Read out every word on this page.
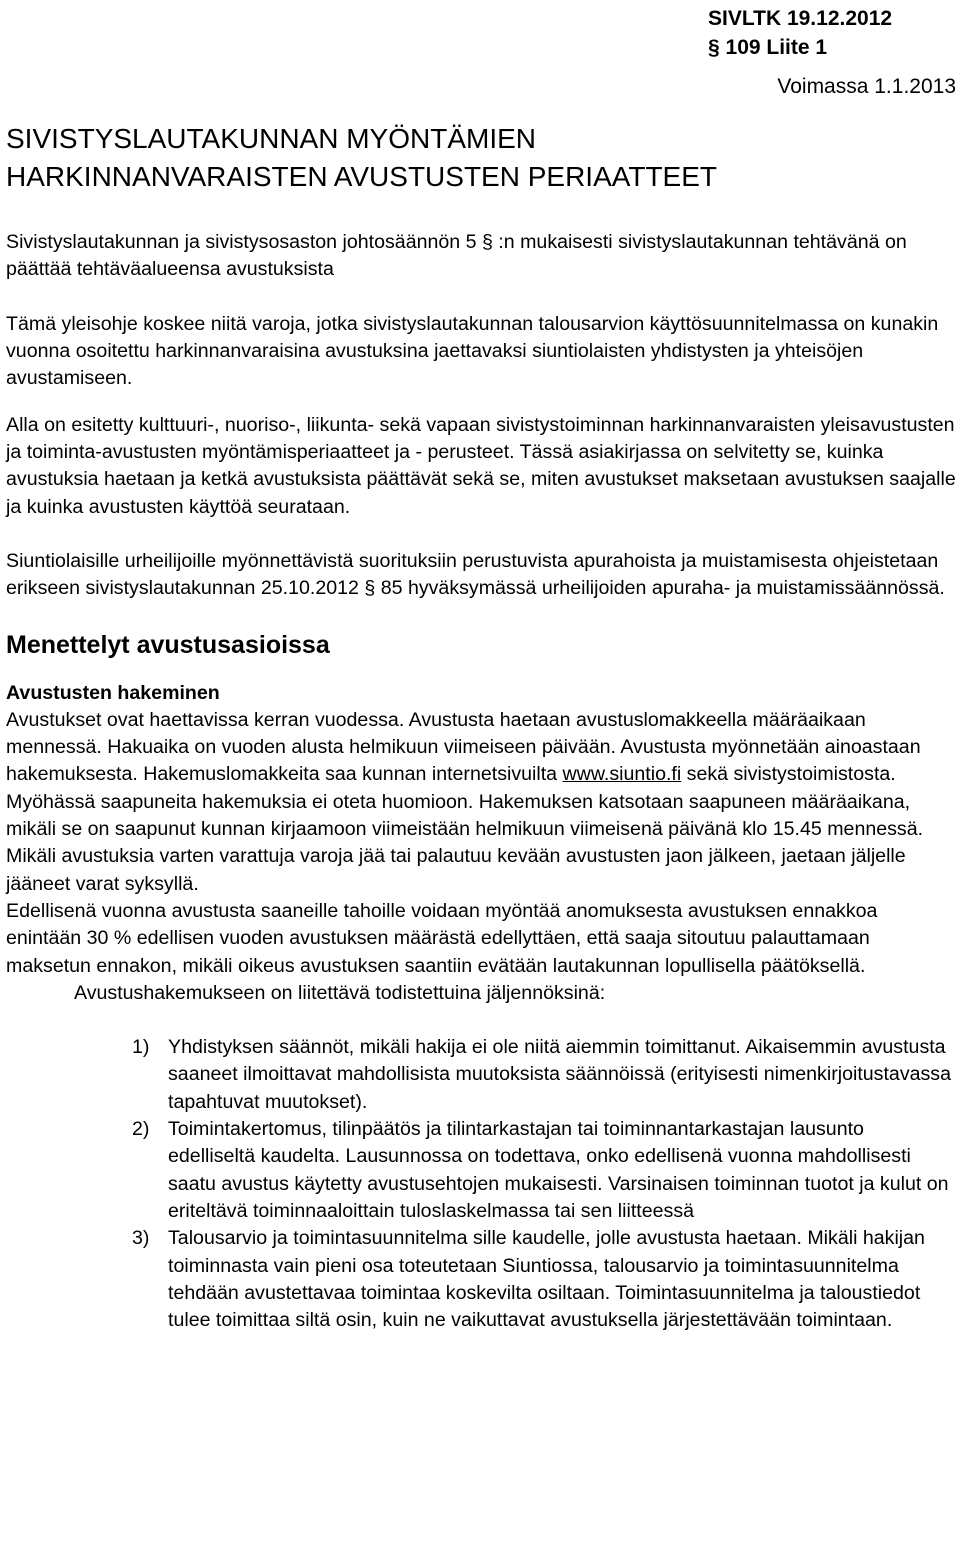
SIVLTK 19.12.2012
§ 109 Liite 1
Voimassa 1.1.2013
SIVISTYSLAUTAKUNNAN MYÖNTÄMIEN
HARKINNANVARAISTEN AVUSTUSTEN PERIAATTEET

Sivistyslautakunnan ja sivistysosaston johtosäännön 5 § :n mukaisesti sivistyslautakunnan tehtävänä on päättää tehtäväalueensa avustuksista

Tämä yleisohje koskee niitä varoja, jotka sivistyslautakunnan talousarvion käyttösuunnitelmassa on kunakin vuonna osoitettu harkinnanvaraisina avustuksina jaettavaksi siuntiolaisten yhdistysten ja yhteisöjen avustamiseen.

Alla on esitetty kulttuuri-, nuoriso-, liikunta- sekä vapaan sivistystoiminnan harkinnanvaraisten yleisavustusten ja toiminta-avustusten myöntämisperiaatteet ja - perusteet. Tässä asiakirjassa on selvitetty se, kuinka avustuksia haetaan ja ketkä avustuksista päättävät sekä se, miten avustukset maksetaan avustuksen saajalle ja kuinka avustusten käyttöä seurataan.

Siuntiolaisille urheilijoille myönnettävistä suorituksiin perustuvista apurahoista ja muistamisesta ohjeistetaan erikseen sivistyslautakunnan 25.10.2012 § 85 hyväksymässä urheilijoiden apuraha- ja muistamissäännössä.

Menettelyt avustusasioissa

Avustusten hakeminen

Avustukset ovat haettavissa kerran vuodessa. Avustusta haetaan avustuslomakkeella määräaikaan mennessä. Hakuaika on vuoden alusta helmikuun viimeiseen päivään. Avustusta myönnetään ainoastaan hakemuksesta. Hakemuslomakkeita saa kunnan internetsivuilta www.siuntio.fi sekä sivistystoimistosta. Myöhässä saapuneita hakemuksia ei oteta huomioon. Hakemuksen katsotaan saapuneen määräaikana, mikäli se on saapunut kunnan kirjaamoon viimeistään helmikuun viimeisenä päivänä klo 15.45 mennessä.

Mikäli avustuksia varten varattuja varoja jää tai palautuu kevään avustusten jaon jälkeen, jaetaan jäljelle jääneet varat syksyllä.

Edellisenä vuonna avustusta saaneille tahoille voidaan myöntää anomuksesta avustuksen ennakkoa enintään 30 % edellisen vuoden avustuksen määrästä edellyttäen, että saaja sitoutuu palauttamaan maksetun ennakon, mikäli oikeus avustuksen saantiin evätään lautakunnan lopullisella päätöksellä.

Avustushakemukseen on liitettävä todistettuina jäljennöksinä:

1) Yhdistyksen säännöt, mikäli hakija ei ole niitä aiemmin toimittanut. Aikaisemmin avustusta saaneet ilmoittavat mahdollisista muutoksista säännöissä (erityisesti nimenkirjoitustavassa tapahtuvat muutokset).
2) Toimintakertomus, tilinpäätös ja tilintarkastajan tai toiminnantarkastajan lausunto edelliseltä kaudelta. Lausunnossa on todettava, onko edellisenä vuonna mahdollisesti saatu avustus käytetty avustusehtojen mukaisesti. Varsinaisen toiminnan tuotot ja kulut on eriteltävä toiminnaaloittain tuloslaskelmassa tai sen liitteessä
3) Talousarvio ja toimintasuunnitelma sille kaudelle, jolle avustusta haetaan. Mikäli hakijan toiminnasta vain pieni osa toteutetaan Siuntiossa, talousarvio ja toimintasuunnitelma tehdään avustettavaa toimintaa koskevilta osiltaan. Toimintasuunnitelma ja taloustiedot tulee toimittaa siltä osin, kuin ne vaikuttavat avustuksella järjestettävään toimintaan.
